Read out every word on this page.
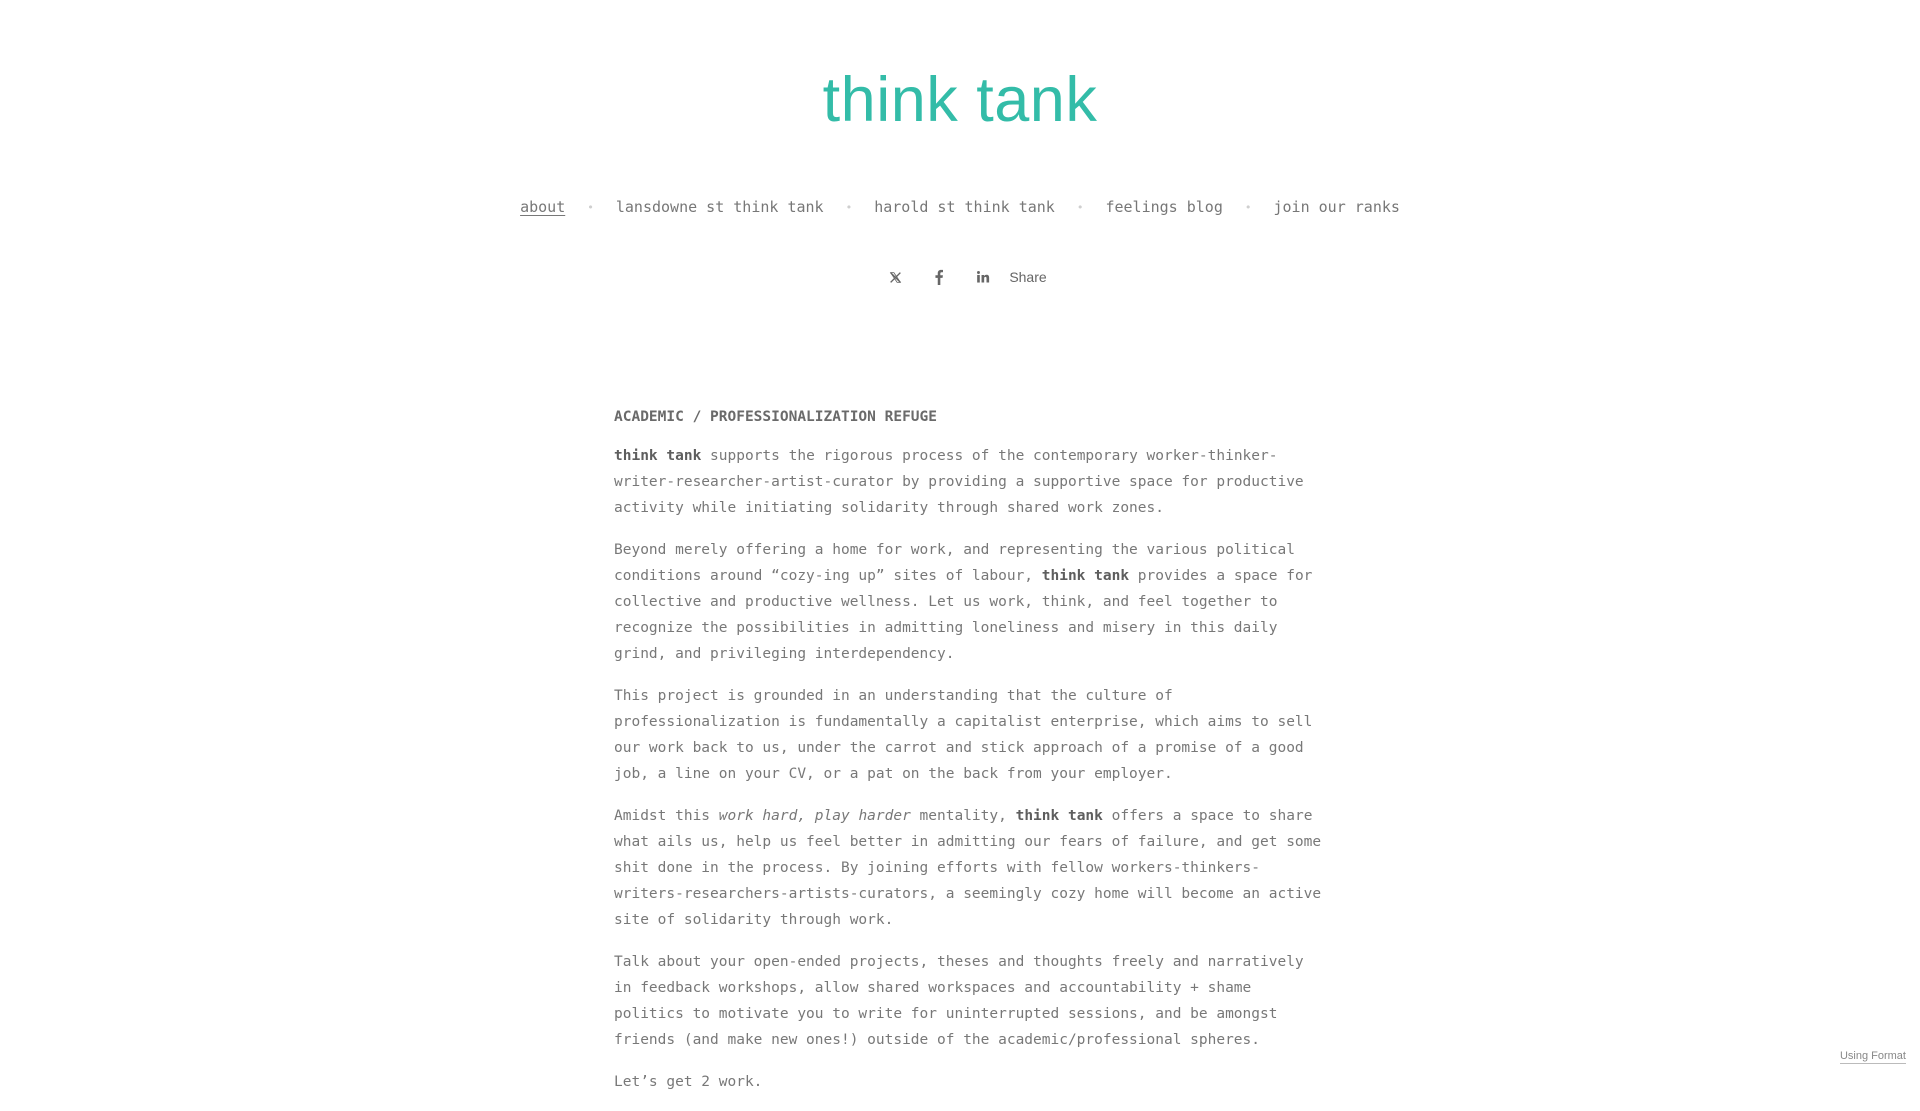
think tank
about • lansdowne st think tank • harold st think tank • feelings blog • join our ranks
Share
ACADEMIC / PROFESSIONALIZATION REFUGE

think tank supports the rigorous process of the contemporary worker-thinker-writer-researcher-artist-curator by providing a supportive space for productive activity while initiating solidarity through shared work zones.

Beyond merely offering a home for work, and representing the various political conditions around “cozy-ing up” sites of labour, think tank provides a space for collective and productive wellness. Let us work, think, and feel together to recognize the possibilities in admitting loneliness and misery in this daily grind, and privileging interdependency.

This project is grounded in an understanding that the culture of professionalization is fundamentally a capitalist enterprise, which aims to sell our work back to us, under the carrot and stick approach of a promise of a good job, a line on your CV, or a pat on the back from your employer.

Amidst this work hard, play harder mentality, think tank offers a space to share what ails us, help us feel better in admitting our fears of failure, and get some shit done in the process. By joining efforts with fellow workers-thinkers-writers-researchers-artists-curators, a seemingly cozy home will become an active site of solidarity through work.

Talk about your open-ended projects, theses and thoughts freely and narratively in feedback workshops, allow shared workspaces and accountability + shame politics to motivate you to write for uninterrupted sessions, and be amongst friends (and make new ones!) outside of the academic/professional spheres.

Let’s get 2 work.

Using Format
